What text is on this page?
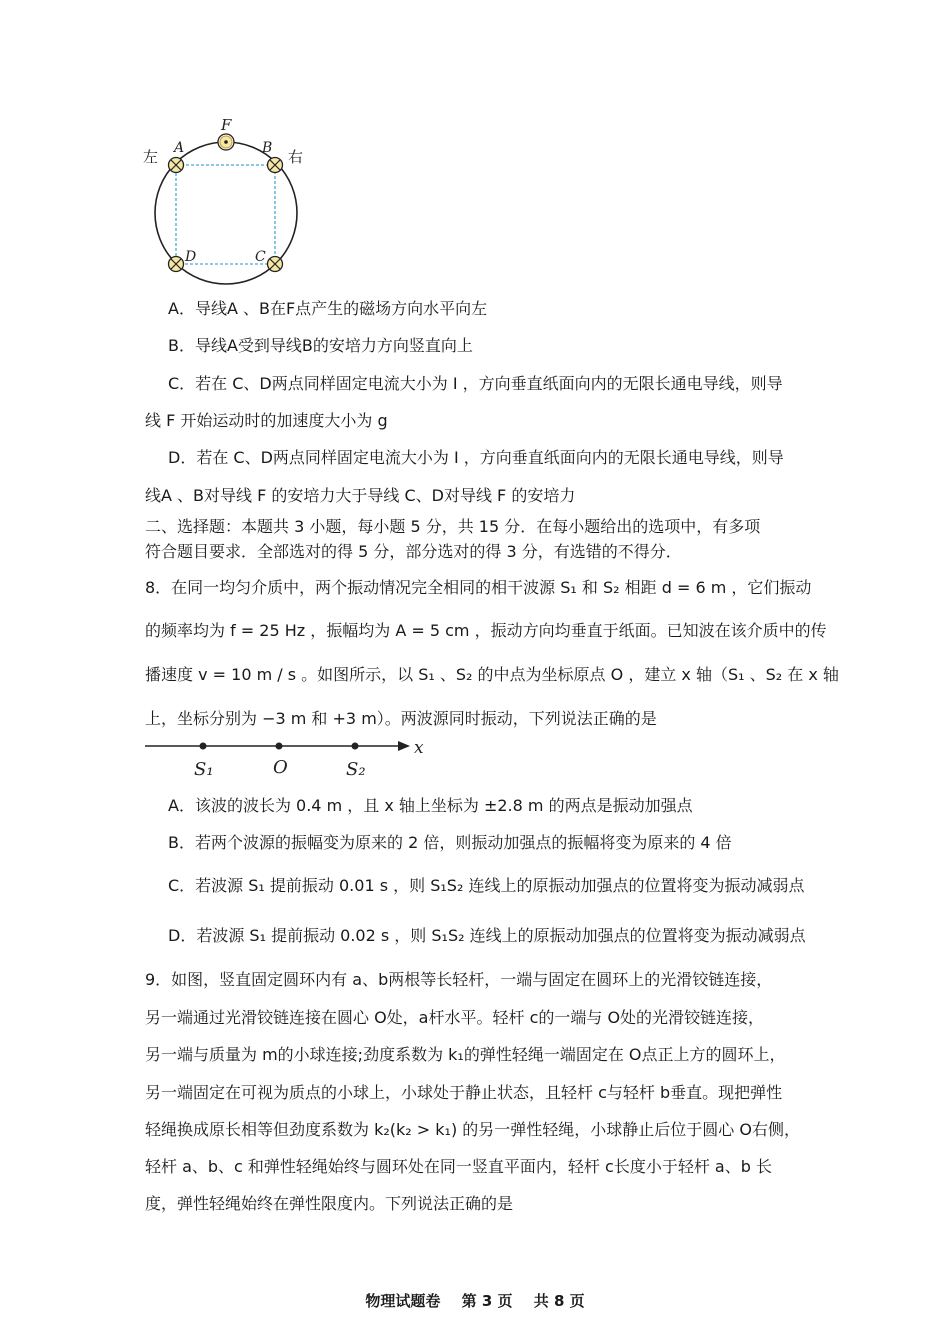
F
A	B
D	C
左	右
A．导线A 、B在F点产生的磁场方向水平向左
B．导线A受到导线B的安培力方向竖直向上
C．若在 C、D两点同样固定电流大小为 I ，方向垂直纸面向内的无限长通电导线，则导
线 F 开始运动时的加速度大小为 g
D．若在 C、D两点同样固定电流大小为 I ，方向垂直纸面向内的无限长通电导线，则导
线A 、B对导线 F 的安培力大于导线 C、D对导线 F 的安培力
二、选择题：本题共 3 小题，每小题 5 分，共 15 分．在每小题给出的选项中，有多项
符合题目要求．全部选对的得 5 分，部分选对的得 3 分，有选错的不得分．
8．在同一均匀介质中，两个振动情况完全相同的相干波源 S₁ 和 S₂ 相距 d = 6 m ，它们振动
的频率均为 f = 25 Hz ，振幅均为 A = 5 cm ，振动方向均垂直于纸面。已知波在该介质中的传
播速度 v = 10 m / s 。如图所示，以 S₁ 、S₂ 的中点为坐标原点 O ，建立 x 轴（S₁ 、S₂ 在 x 轴
上，坐标分别为 −3 m 和 +3 m）。两波源同时振动，下列说法正确的是
x
S₁	O	S₂
A．该波的波长为 0.4 m ，且 x 轴上坐标为 ±2.8 m 的两点是振动加强点
B．若两个波源的振幅变为原来的 2 倍，则振动加强点的振幅将变为原来的 4 倍
C．若波源 S₁ 提前振动 0.01 s ，则 S₁S₂ 连线上的原振动加强点的位置将变为振动减弱点
D．若波源 S₁ 提前振动 0.02 s ，则 S₁S₂ 连线上的原振动加强点的位置将变为振动减弱点
9．如图，竖直固定圆环内有 a、b两根等长轻杆，一端与固定在圆环上的光滑铰链连接，
另一端通过光滑铰链连接在圆心 O处，a杆水平。轻杆 c的一端与 O处的光滑铰链连接，
另一端与质量为 m的小球连接;劲度系数为 k₁的弹性轻绳一端固定在 O点正上方的圆环上，
另一端固定在可视为质点的小球上，小球处于静止状态，且轻杆 c与轻杆 b垂直。现把弹性
轻绳换成原长相等但劲度系数为 k₂(k₂ > k₁) 的另一弹性轻绳，小球静止后位于圆心 O右侧，
轻杆 a、b、c 和弹性轻绳始终与圆环处在同一竖直平面内，轻杆 c长度小于轻杆 a、b 长
度，弹性轻绳始终在弹性限度内。下列说法正确的是
物理试题卷 第 3 页 共 8 页
